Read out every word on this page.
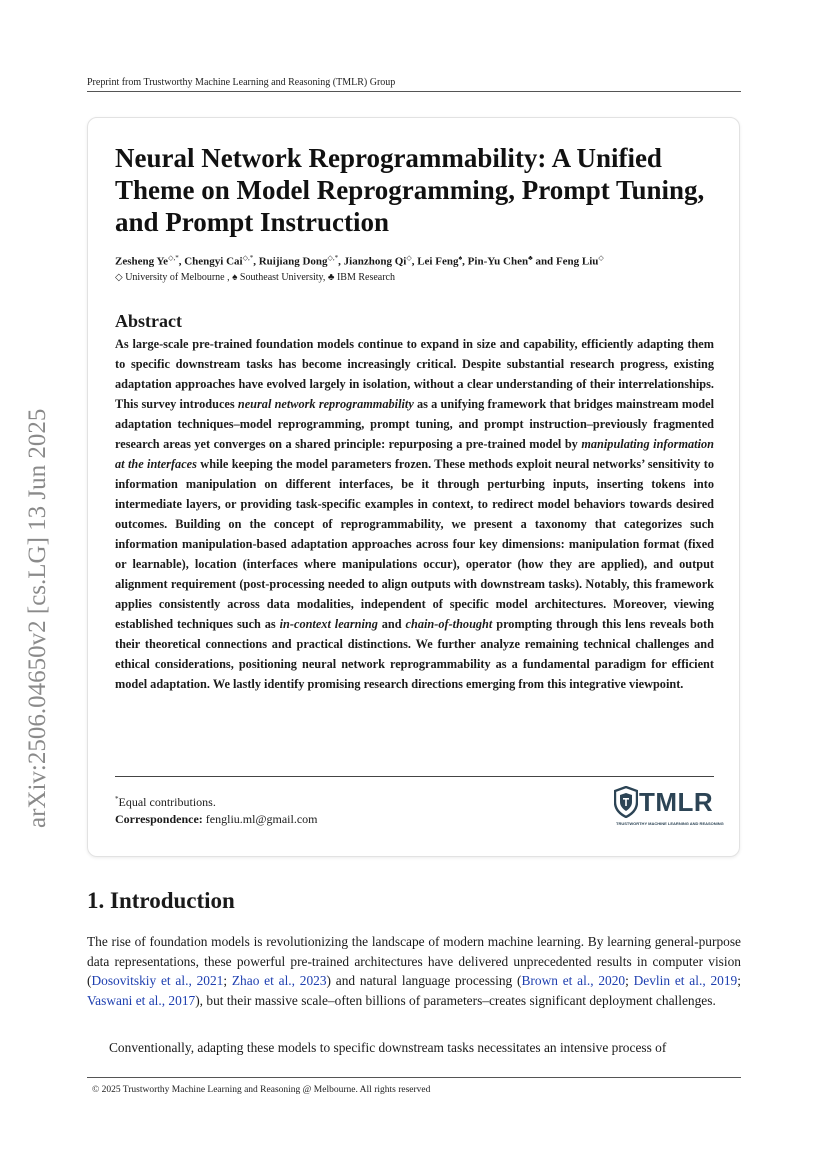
Preprint from Trustworthy Machine Learning and Reasoning (TMLR) Group
arXiv:2506.04650v2 [cs.LG] 13 Jun 2025
Neural Network Reprogrammability: A Unified Theme on Model Reprogramming, Prompt Tuning, and Prompt Instruction
Zesheng Ye◇,*, Chengyi Cai◇,*, Ruijiang Dong◇,*, Jianzhong Qi◇, Lei Feng♠, Pin-Yu Chen♣ and Feng Liu◇
◇ University of Melbourne , ♠ Southeast University, ♣ IBM Research
Abstract
As large-scale pre-trained foundation models continue to expand in size and capability, efficiently adapting them to specific downstream tasks has become increasingly critical. Despite substantial research progress, existing adaptation approaches have evolved largely in isolation, without a clear understanding of their interrelationships. This survey introduces neural network reprogrammability as a unifying framework that bridges mainstream model adaptation techniques–model reprogramming, prompt tuning, and prompt instruction–previously fragmented research areas yet converges on a shared principle: repurposing a pre-trained model by manipulating information at the interfaces while keeping the model parameters frozen. These methods exploit neural networks’ sensitivity to information manipulation on different interfaces, be it through perturbing inputs, inserting tokens into intermediate layers, or providing task-specific examples in context, to redirect model behaviors towards desired outcomes. Building on the concept of reprogrammability, we present a taxonomy that categorizes such information manipulation-based adaptation approaches across four key dimensions: manipulation format (fixed or learnable), location (interfaces where manipulations occur), operator (how they are applied), and output alignment requirement (post-processing needed to align outputs with downstream tasks). Notably, this framework applies consistently across data modalities, independent of specific model architectures. Moreover, viewing established techniques such as in-context learning and chain-of-thought prompting through this lens reveals both their theoretical connections and practical distinctions. We further analyze remaining technical challenges and ethical considerations, positioning neural network reprogrammability as a fundamental paradigm for efficient model adaptation. We lastly identify promising research directions emerging from this integrative viewpoint.
*Equal contributions.
Correspondence: fengliu.ml@gmail.com
TMLR
TRUSTWORTHY MACHINE LEARNING AND REASONING
1. Introduction
The rise of foundation models is revolutionizing the landscape of modern machine learning. By learning general-purpose data representations, these powerful pre-trained architectures have delivered unprecedented results in computer vision (Dosovitskiy et al., 2021; Zhao et al., 2023) and natural language processing (Brown et al., 2020; Devlin et al., 2019; Vaswani et al., 2017), but their massive scale–often billions of parameters–creates significant deployment challenges.
Conventionally, adapting these models to specific downstream tasks necessitates an intensive process of
© 2025 Trustworthy Machine Learning and Reasoning @ Melbourne. All rights reserved
